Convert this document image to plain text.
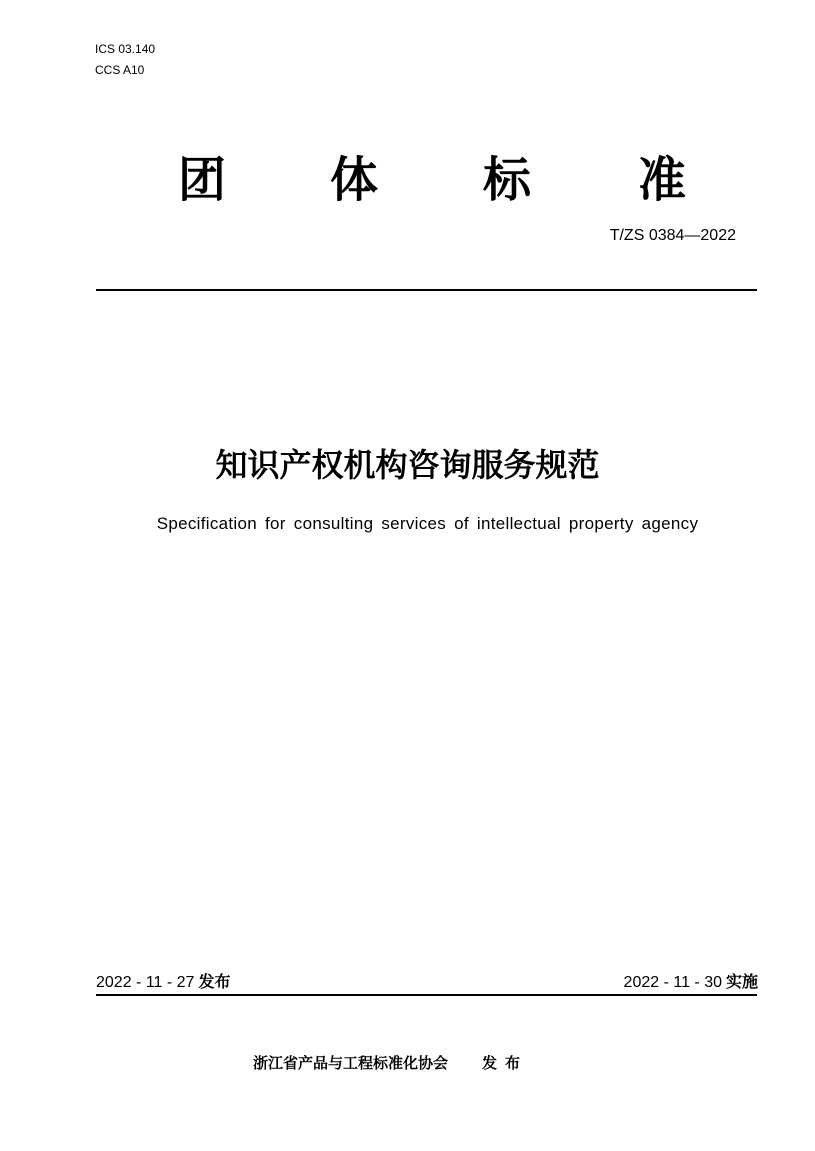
ICS 03.140
CCS A10
团 体 标 准
T/ZS 0384—2022
知识产权机构咨询服务规范
Specification for consulting services of intellectual property agency
2022 - 11 - 27 发布	2022 - 11 - 30 实施
浙江省产品与工程标准化协会 发布
